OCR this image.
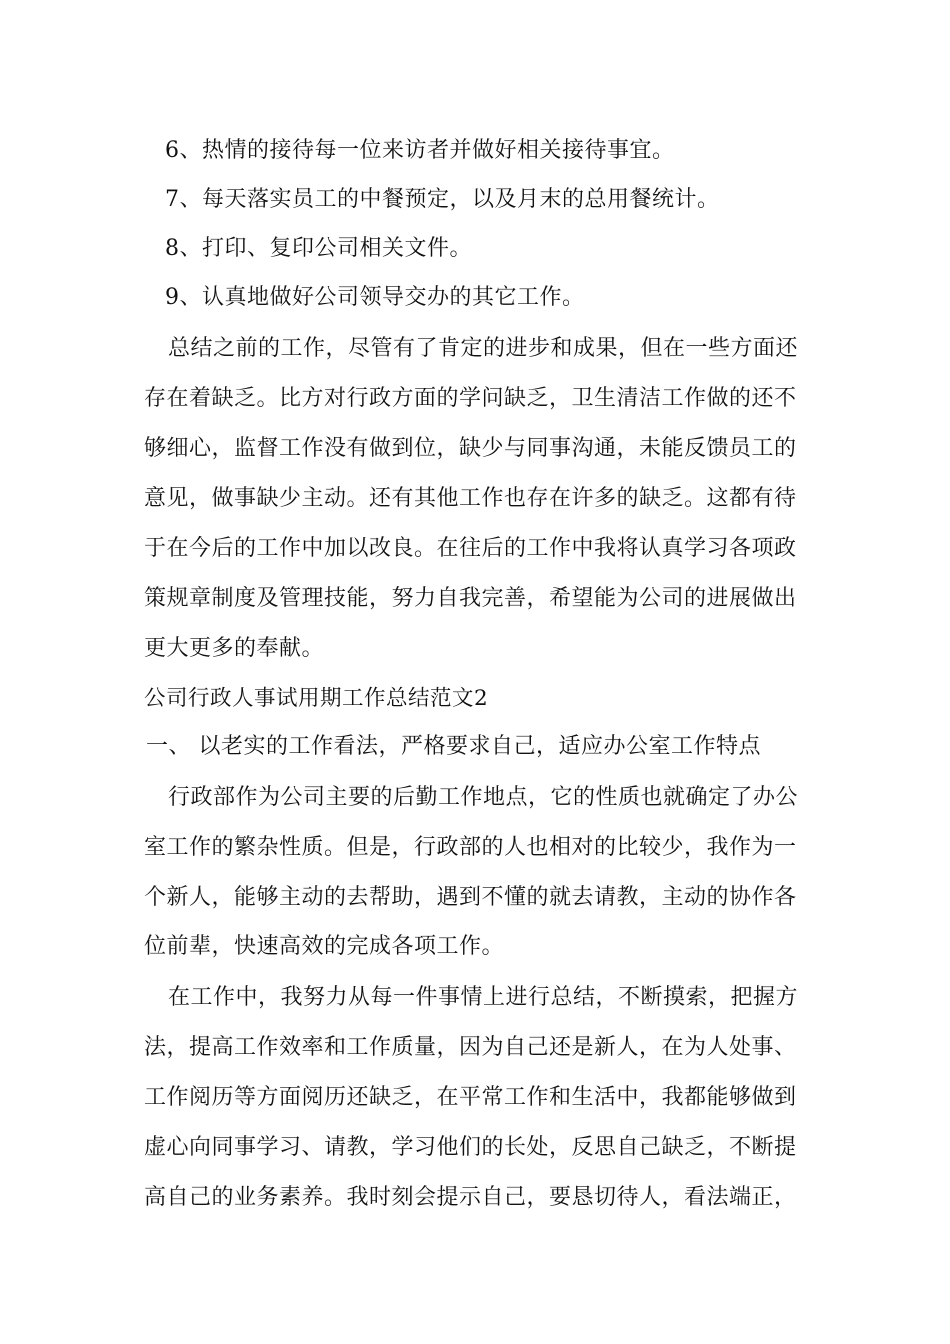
6、热情的接待每一位来访者并做好相关接待事宜。
7、每天落实员工的中餐预定，以及月末的总用餐统计。
8、打印、复印公司相关文件。
9、认真地做好公司领导交办的其它工作。
总结之前的工作，尽管有了肯定的进步和成果，但在一些方面还
存在着缺乏。比方对行政方面的学问缺乏，卫生清洁工作做的还不
够细心，监督工作没有做到位，缺少与同事沟通，未能反馈员工的
意见，做事缺少主动。还有其他工作也存在许多的缺乏。这都有待
于在今后的工作中加以改良。在往后的工作中我将认真学习各项政
策规章制度及管理技能，努力自我完善，希望能为公司的进展做出
更大更多的奉献。
公司行政人事试用期工作总结范文2
一、 以老实的工作看法，严格要求自己，适应办公室工作特点
行政部作为公司主要的后勤工作地点，它的性质也就确定了办公
室工作的繁杂性质。但是，行政部的人也相对的比较少，我作为一
个新人，能够主动的去帮助，遇到不懂的就去请教，主动的协作各
位前辈，快速高效的完成各项工作。
在工作中，我努力从每一件事情上进行总结，不断摸索，把握方
法，提高工作效率和工作质量，因为自己还是新人，在为人处事、
工作阅历等方面阅历还缺乏，在平常工作和生活中，我都能够做到
虚心向同事学习、请教，学习他们的长处，反思自己缺乏，不断提
高自己的业务素养。我时刻会提示自己，要恳切待人，看法端正，
